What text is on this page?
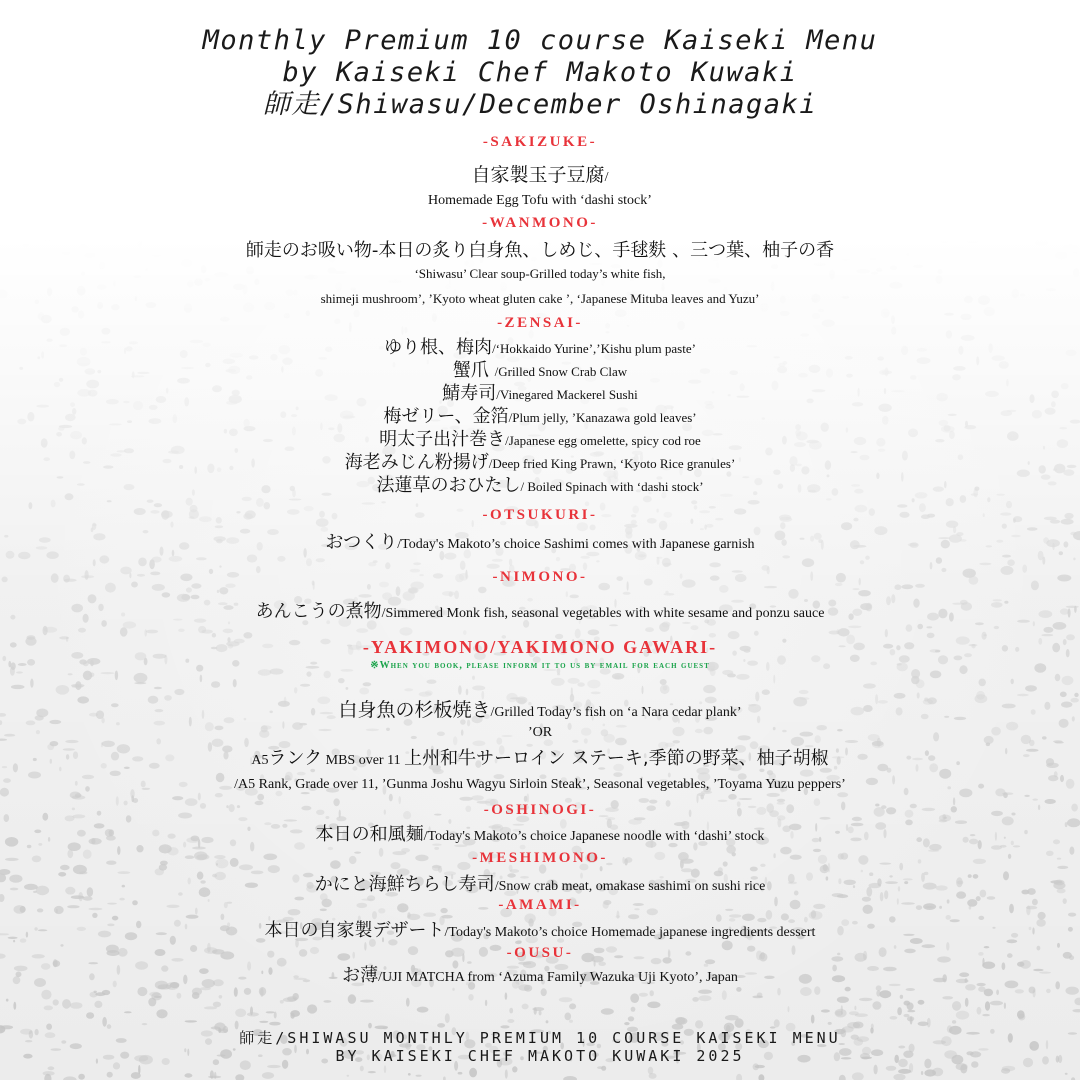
Monthly Premium 10 course Kaiseki Menu
by Kaiseki Chef Makoto Kuwaki
師走/Shiwasu/December Oshinagaki
-SAKIZUKE-
自家製玉子豆腐/
Homemade Egg Tofu with ‘dashi stock’
-WANMONO-
師走のお吸い物-本日の炙り白身魚、しめじ、手毬麩 、三つ葉、柚子の香
‘Shiwasu’ Clear soup-Grilled today’s white fish,
shimeji mushroom’, ’Kyoto wheat gluten cake ’, ‘Japanese Mituba leaves and Yuzu’
-ZENSAI-
ゆり根、梅肉/‘Hokkaido Yurine’,’Kishu plum paste’
蟹爪 /Grilled Snow Crab Claw
鯖寿司/Vinegared Mackerel Sushi
梅ゼリー、金箔/Plum jelly, ’Kanazawa gold leaves’
明太子出汁巻き/Japanese egg omelette, spicy cod roe
海老みじん粉揚げ/Deep fried King Prawn, ‘Kyoto Rice granules’
法蓮草のおひたし/ Boiled Spinach with ‘dashi stock’
-OTSUKURI-
おつくり/Today's Makoto’s choice Sashimi comes with Japanese garnish
-NIMONO-
あんこうの煮物/Simmered Monk fish, seasonal vegetables with white sesame and ponzu sauce
-YAKIMONO/YAKIMONO GAWARI-
※When you book, please inform it to us by email for each guest
白身魚の杉板焼き/Grilled Today’s fish on ‘a Nara cedar plank’
’OR
A5ランク MBS over 11 上州和牛サーロイン ステーキ,季節の野菜、柚子胡椒
/A5 Rank, Grade over 11, ’Gunma Joshu Wagyu Sirloin Steak’, Seasonal vegetables, ’Toyama Yuzu peppers’
-OSHINOGI-
本日の和風麺/Today's Makoto’s choice Japanese noodle with ‘dashi’ stock
-MESHIMONO-
かにと海鮮ちらし寿司/Snow crab meat, omakase sashimi on sushi rice
-AMAMI-
本日の自家製デザート/Today's Makoto’s choice Homemade japanese ingredients dessert
-OUSU-
お薄/UJI MATCHA from ‘Azuma Family Wazuka Uji Kyoto’, Japan
師走/SHIWASU MONTHLY PREMIUM 10 COURSE KAISEKI MENU
BY KAISEKI CHEF MAKOTO KUWAKI 2025
